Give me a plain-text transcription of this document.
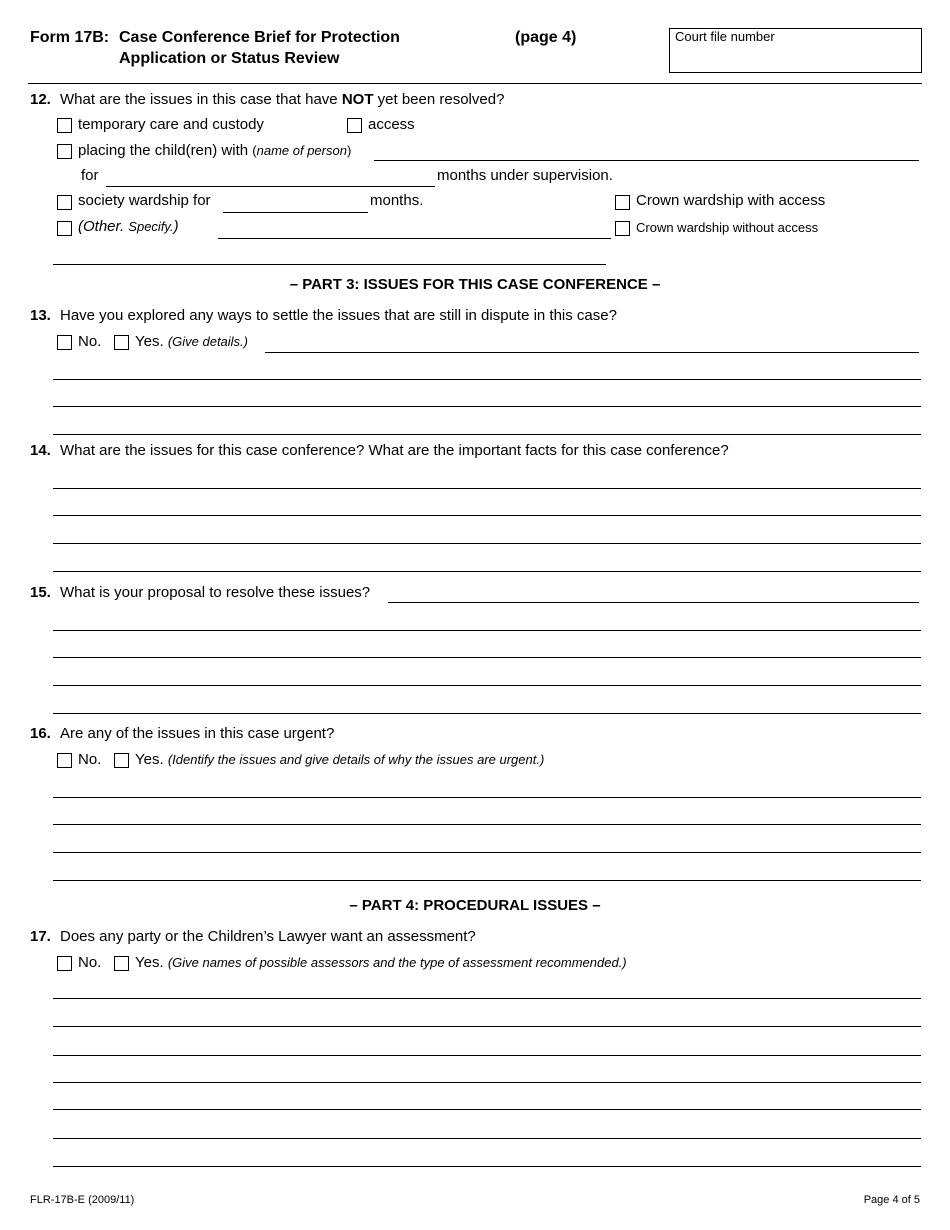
Form 17B: Case Conference Brief for Protection
Application or Status Review
(page 4)	Court file number
12. What are the issues in this case that have NOT yet been resolved?
temporary care and custody	access
placing the child(ren) with (name of person)
for	months under supervision.
society wardship for	months.	Crown wardship with access
(Other. Specify.)	Crown wardship without access
– PART 3: ISSUES FOR THIS CASE CONFERENCE –
13. Have you explored any ways to settle the issues that are still in dispute in this case?
No. Yes. (Give details.)
14. What are the issues for this case conference? What are the important facts for this case conference?
15. What is your proposal to resolve these issues?
16. Are any of the issues in this case urgent?
No. Yes. (Identify the issues and give details of why the issues are urgent.)
– PART 4: PROCEDURAL ISSUES –
17. Does any party or the Children’s Lawyer want an assessment?
No. Yes. (Give names of possible assessors and the type of assessment recommended.)
FLR-17B-E (2009/11)	Page 4 of 5
